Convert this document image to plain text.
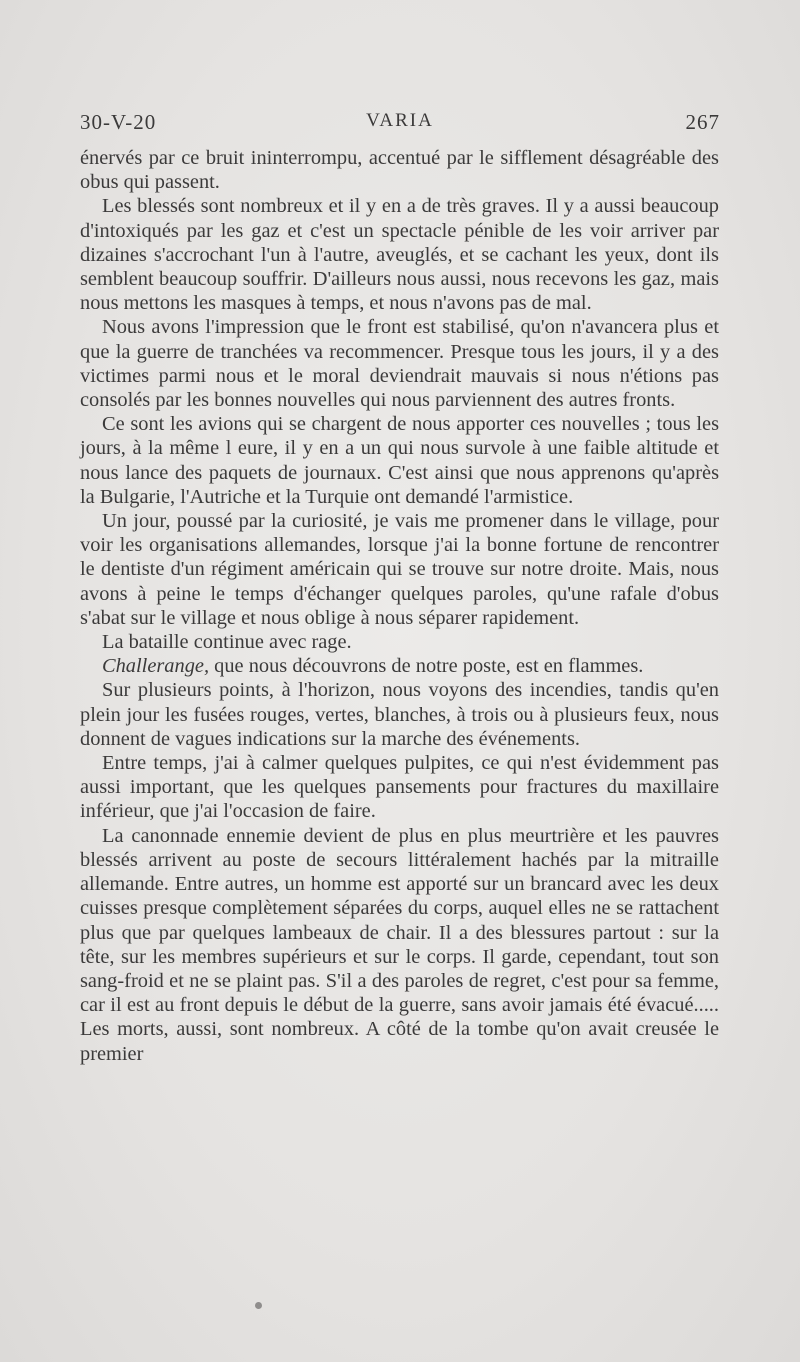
30-V-20	VARIA	267

énervés par ce bruit ininterrompu, accentué par le sifflement désagréable des obus qui passent.

Les blessés sont nombreux et il y en a de très graves. Il y a aussi beaucoup d'intoxiqués par les gaz et c'est un spectacle pénible de les voir arriver par dizaines s'accrochant l'un à l'autre, aveuglés, et se cachant les yeux, dont ils semblent beaucoup souffrir. D'ailleurs nous aussi, nous recevons les gaz, mais nous mettons les masques à temps, et nous n'avons pas de mal.

Nous avons l'impression que le front est stabilisé, qu'on n'avancera plus et que la guerre de tranchées va recommencer. Presque tous les jours, il y a des victimes parmi nous et le moral deviendrait mauvais si nous n'étions pas consolés par les bonnes nouvelles qui nous parviennent des autres fronts.

Ce sont les avions qui se chargent de nous apporter ces nouvelles ; tous les jours, à la même l eure, il y en a un qui nous survole à une faible altitude et nous lance des paquets de journaux. C'est ainsi que nous apprenons qu'après la Bulgarie, l'Autriche et la Turquie ont demandé l'armistice.

Un jour, poussé par la curiosité, je vais me promener dans le village, pour voir les organisations allemandes, lorsque j'ai la bonne fortune de rencontrer le dentiste d'un régiment américain qui se trouve sur notre droite. Mais, nous avons à peine le temps d'échanger quelques paroles, qu'une rafale d'obus s'abat sur le village et nous oblige à nous séparer rapidement.

La bataille continue avec rage.

Challerange, que nous découvrons de notre poste, est en flammes.

Sur plusieurs points, à l'horizon, nous voyons des incendies, tandis qu'en plein jour les fusées rouges, vertes, blanches, à trois ou à plusieurs feux, nous donnent de vagues indications sur la marche des événements.

Entre temps, j'ai à calmer quelques pulpites, ce qui n'est évidemment pas aussi important, que les quelques pansements pour fractures du maxillaire inférieur, que j'ai l'occasion de faire.

La canonnade ennemie devient de plus en plus meurtrière et les pauvres blessés arrivent au poste de secours littéralement hachés par la mitraille allemande. Entre autres, un homme est apporté sur un brancard avec les deux cuisses presque complètement séparées du corps, auquel elles ne se rattachent plus que par quelques lambeaux de chair. Il a des blessures partout : sur la tête, sur les membres supérieurs et sur le corps. Il garde, cependant, tout son sang-froid et ne se plaint pas. S'il a des paroles de regret, c'est pour sa femme, car il est au front depuis le début de la guerre, sans avoir jamais été évacué..... Les morts, aussi, sont nombreux. A côté de la tombe qu'on avait creusée le premier
